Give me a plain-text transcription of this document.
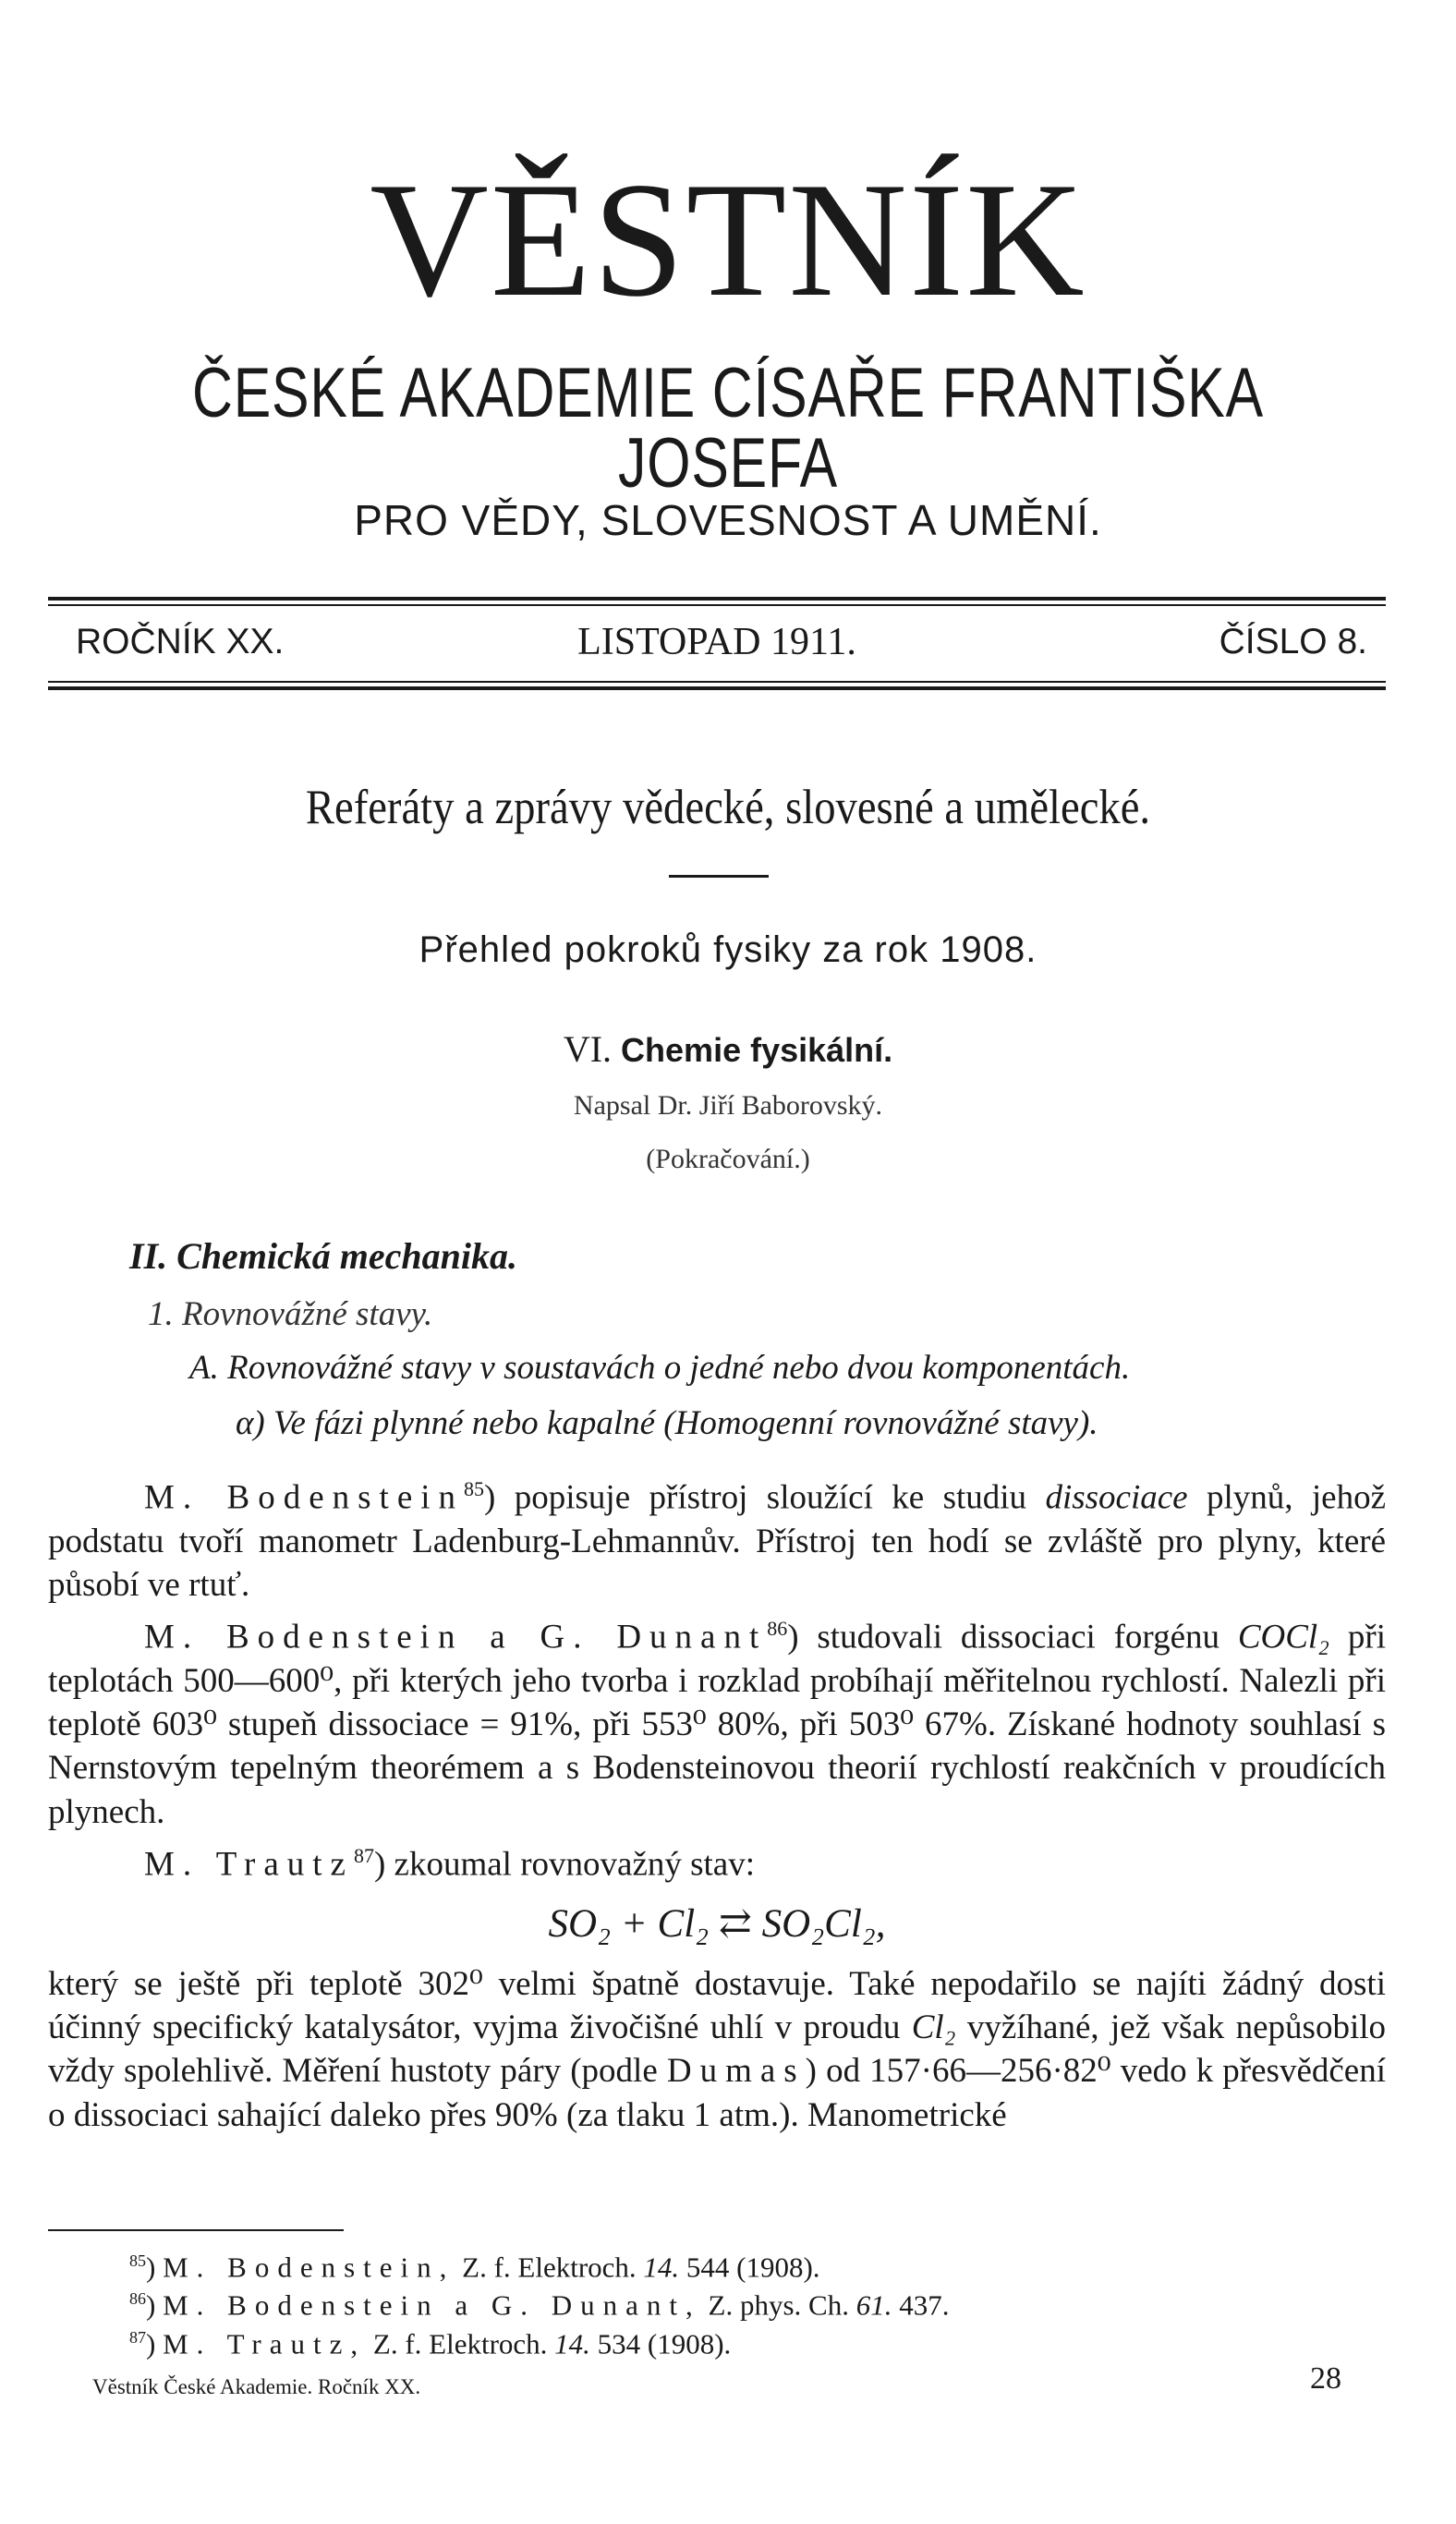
VĚSTNÍK
ČESKÉ AKADEMIE CÍSAŘE FRANTIŠKA JOSEFA
PRO VĚDY, SLOVESNOST A UMĚNÍ.
ROČNÍK XX.	LISTOPAD 1911.	ČÍSLO 8.
Referáty a zprávy vědecké, slovesné a umělecké.
Přehled pokroků fysiky za rok 1908.
VI. Chemie fysikální.
Napsal Dr. Jiří Baborovský.
(Pokračování.)
II. Chemická mechanika.
1. Rovnovážné stavy.
A. Rovnovážné stavy v soustavách o jedné nebo dvou komponentách.
α) Ve fázi plynné nebo kapalné (Homogenní rovnovážné stavy).

M. Bodenstein$^{85}$) popisuje přístroj sloužící ke studiu dissociace plynů, jehož podstatu tvoří manometr Ladenburg-Lehmannův. Přístroj ten hodí se zvláště pro plyny, které působí ve rtuť.

M. Bodenstein a G. Dunant$^{86}$) studovali dissociaci forgénu COCl₂ při teplotách 500—600⁰, při kterých jeho tvorba i rozklad probíhají měřitelnou rychlostí. Nalezli při teplotě 603⁰ stupeň dissociace = 91%, při 553⁰ 80%, při 503⁰ 67%. Získané hodnoty souhlasí s Nernstovým tepelným theorémem a s Bodensteinovou theorií rychlostí reakčních v proudících plynech.

M. Trautz$^{87}$) zkoumal rovnovažný stav:

SO₂ + Cl₂ ⇄ SO₂Cl₂,

který se ještě při teplotě 302⁰ velmi špatně dostavuje. Také nepodařilo se najíti žádný dosti účinný specifický katalysátor, vyjma živočišné uhlí v proudu Cl₂ vyžíhané, jež však nepůsobilo vždy spolehlivě. Měření hustoty páry (podle Dumas) od 157·66—256·82⁰ vedo k přesvědčení o dissociaci sahající daleko přes 90% (za tlaku 1 atm.). Manometrické

$^{85}$) M. Bodenstein, Z. f. Elektroch. 14. 544 (1908).
$^{86}$) M. Bodenstein a G. Dunant, Z. phys. Ch. 61. 437.
$^{87}$) M. Trautz, Z. f. Elektroch. 14. 534 (1908).
Věstník České Akademie. Ročník XX.	28
